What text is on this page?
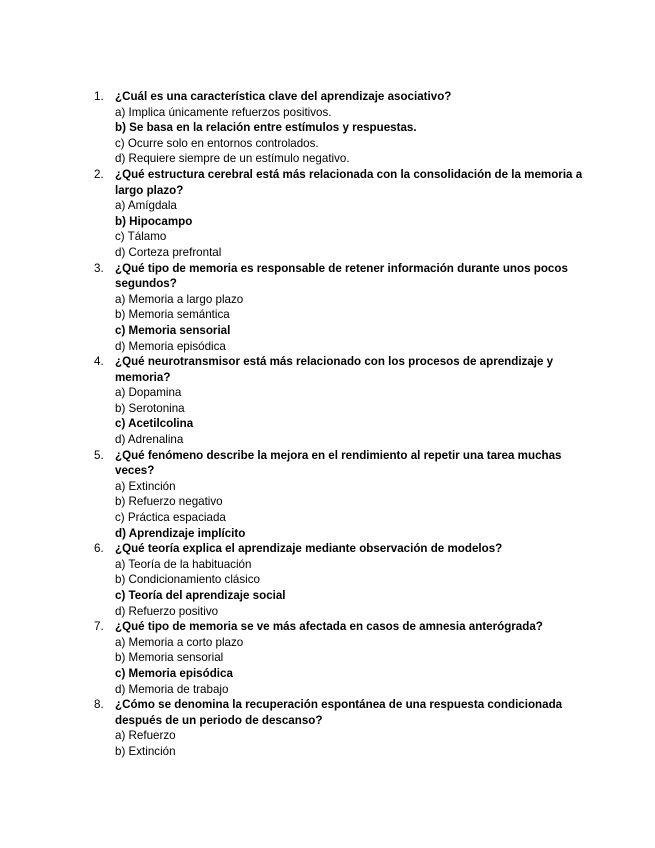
1. ¿Cuál es una característica clave del aprendizaje asociativo?
a) Implica únicamente refuerzos positivos.
b) Se basa en la relación entre estímulos y respuestas.
c) Ocurre solo en entornos controlados.
d) Requiere siempre de un estímulo negativo.
2. ¿Qué estructura cerebral está más relacionada con la consolidación de la memoria a largo plazo?
a) Amígdala
b) Hipocampo
c) Tálamo
d) Corteza prefrontal
3. ¿Qué tipo de memoria es responsable de retener información durante unos pocos segundos?
a) Memoria a largo plazo
b) Memoria semántica
c) Memoria sensorial
d) Memoria episódica
4. ¿Qué neurotransmisor está más relacionado con los procesos de aprendizaje y memoria?
a) Dopamina
b) Serotonina
c) Acetilcolina
d) Adrenalina
5. ¿Qué fenómeno describe la mejora en el rendimiento al repetir una tarea muchas veces?
a) Extinción
b) Refuerzo negativo
c) Práctica espaciada
d) Aprendizaje implícito
6. ¿Qué teoría explica el aprendizaje mediante observación de modelos?
a) Teoría de la habituación
b) Condicionamiento clásico
c) Teoría del aprendizaje social
d) Refuerzo positivo
7. ¿Qué tipo de memoria se ve más afectada en casos de amnesia anterógrada?
a) Memoria a corto plazo
b) Memoria sensorial
c) Memoria episódica
d) Memoria de trabajo
8. ¿Cómo se denomina la recuperación espontánea de una respuesta condicionada después de un periodo de descanso?
a) Refuerzo
b) Extinción
